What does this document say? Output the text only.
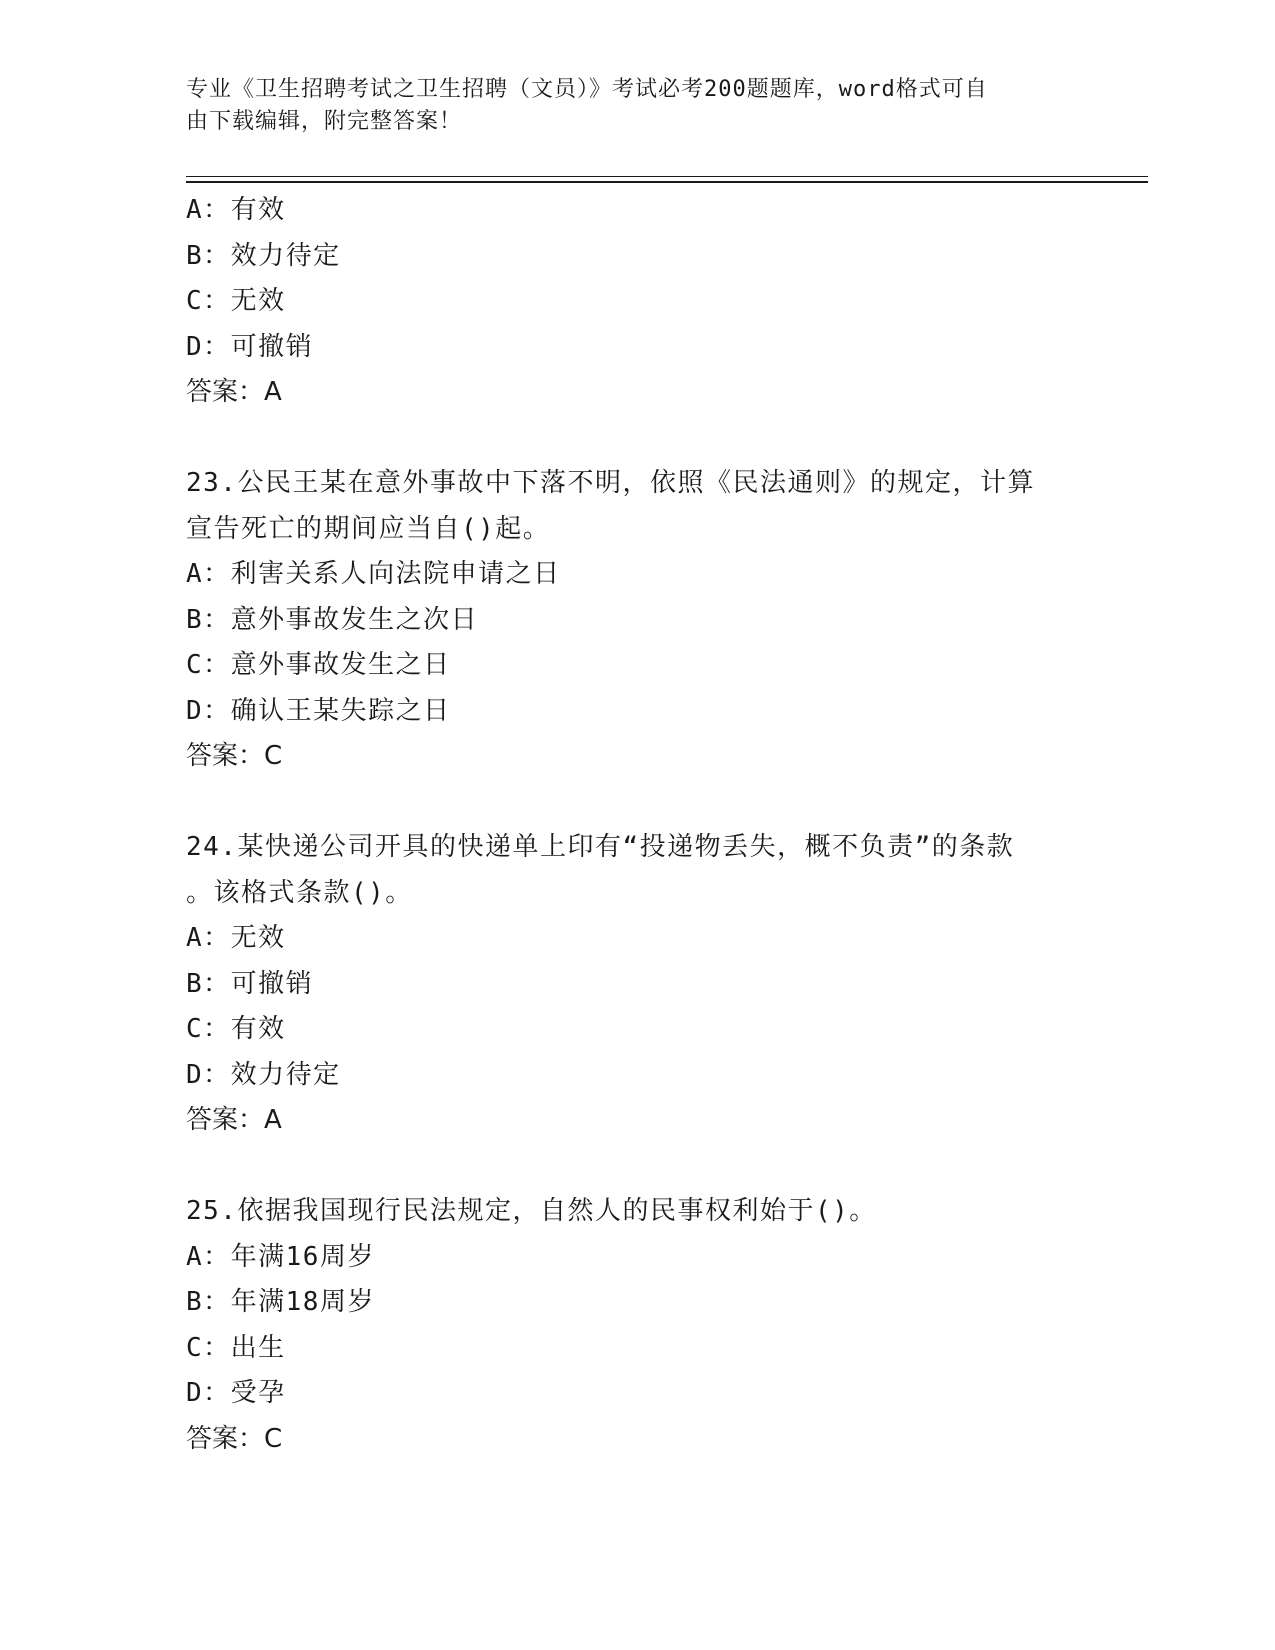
专业《卫生招聘考试之卫生招聘（文员）》考试必考200题题库，word格式可自
由下载编辑，附完整答案！
A：有效
B：效力待定
C：无效
D：可撤销
答案：A
23.公民王某在意外事故中下落不明，依照《民法通则》的规定，计算
宣告死亡的期间应当自()起。
A：利害关系人向法院申请之日
B：意外事故发生之次日
C：意外事故发生之日
D：确认王某失踪之日
答案：C
24.某快递公司开具的快递单上印有“投递物丢失，概不负责”的条款
。该格式条款()。
A：无效
B：可撤销
C：有效
D：效力待定
答案：A
25.依据我国现行民法规定，自然人的民事权利始于()。
A：年满16周岁
B：年满18周岁
C：出生
D：受孕
答案：C
